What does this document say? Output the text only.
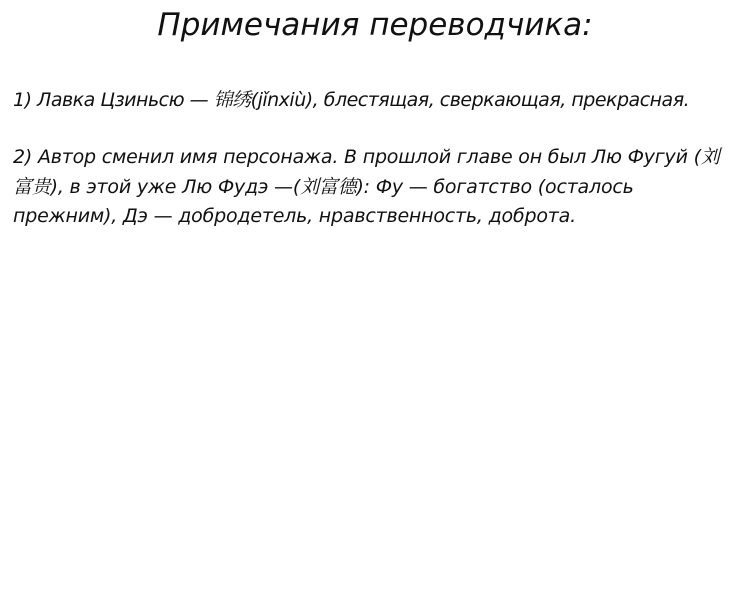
Примечания переводчика:

1) Лавка Цзиньсю — 锦绣(jǐnxiù), блестящая, сверкающая, прекрасная.

2) Автор сменил имя персонажа. В прошлой главе он был Лю Фугуй (刘富贵), в этой уже Лю Фудэ —(刘富德): Фу — богатство (осталось прежним), Дэ — добродетель, нравственность, доброта.
